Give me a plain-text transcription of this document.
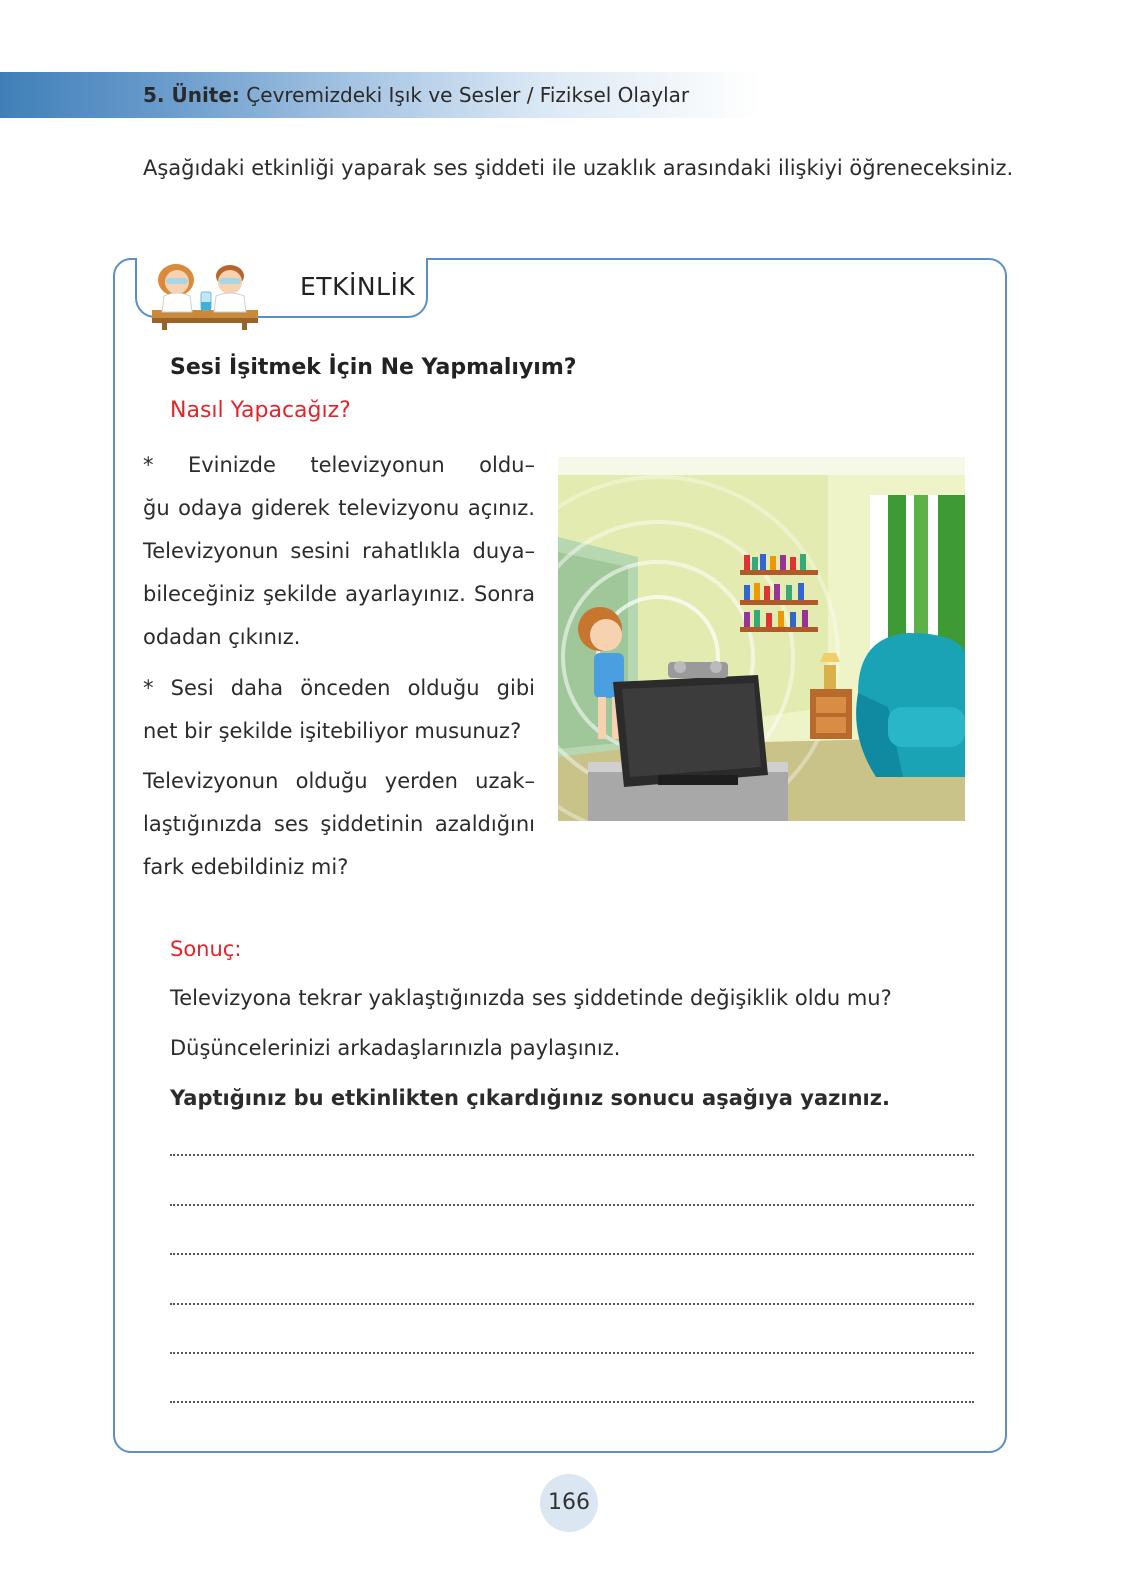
5. Ünite: Çevremizdeki Işık ve Sesler / Fiziksel Olaylar
Aşağıdaki etkinliği yaparak ses şiddeti ile uzaklık arasındaki ilişkiyi öğreneceksiniz.
ETKİNLİK
Sesi İşitmek İçin Ne Yapmalıyım?
Nasıl Yapacağız?
* Evinizde televizyonun oldu–
ğu odaya giderek televizyonu açınız.
Televizyonun sesini rahatlıkla duya–
bileceğiniz şekilde ayarlayınız. Sonra
odadan çıkınız.
* Sesi daha önceden olduğu gibi
net bir şekilde işitebiliyor musunuz?
Televizyonun olduğu yerden uzak–
laştığınızda ses şiddetinin azaldığını
fark edebildiniz mi?
Sonuç:
Televizyona tekrar yaklaştığınızda ses şiddetinde değişiklik oldu mu?
Düşüncelerinizi arkadaşlarınızla paylaşınız.
Yaptığınız bu etkinlikten çıkardığınız sonucu aşağıya yazınız.
166
